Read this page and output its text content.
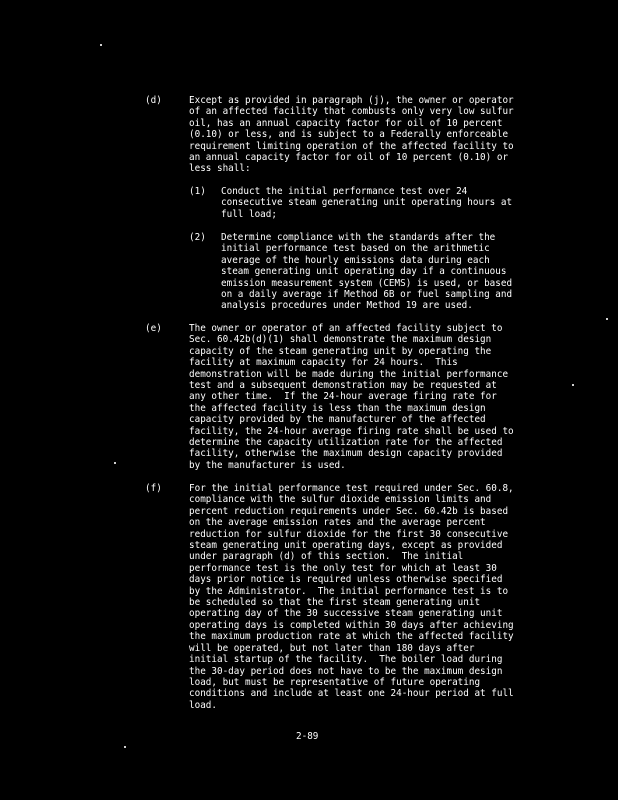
(d)	Except as provided in paragraph (j), the owner or operator
of an affected facility that combusts only very low sulfur
oil, has an annual capacity factor for oil of 10 percent
(0.10) or less, and is subject to a Federally enforceable
requirement limiting operation of the affected facility to
an annual capacity factor for oil of 10 percent (0.10) or
less shall:
(1) Conduct the initial performance test over 24
consecutive steam generating unit operating hours at
full load;
(2) Determine compliance with the standards after the
initial performance test based on the arithmetic
average of the hourly emissions data during each
steam generating unit operating day if a continuous
emission measurement system (CEMS) is used, or based
on a daily average if Method 6B or fuel sampling and
analysis procedures under Method 19 are used.
(e)	The owner or operator of an affected facility subject to
Sec. 60.42b(d)(1) shall demonstrate the maximum design
capacity of the steam generating unit by operating the
facility at maximum capacity for 24 hours.  This
demonstration will be made during the initial performance
test and a subsequent demonstration may be requested at
any other time.  If the 24-hour average firing rate for
the affected facility is less than the maximum design
capacity provided by the manufacturer of the affected
facility, the 24-hour average firing rate shall be used to
determine the capacity utilization rate for the affected
facility, otherwise the maximum design capacity provided
by the manufacturer is used.
(f)	For the initial performance test required under Sec. 60.8,
compliance with the sulfur dioxide emission limits and
percent reduction requirements under Sec. 60.42b is based
on the average emission rates and the average percent
reduction for sulfur dioxide for the first 30 consecutive
steam generating unit operating days, except as provided
under paragraph (d) of this section.  The initial
performance test is the only test for which at least 30
days prior notice is required unless otherwise specified
by the Administrator.  The initial performance test is to
be scheduled so that the first steam generating unit
operating day of the 30 successive steam generating unit
operating days is completed within 30 days after achieving
the maximum production rate at which the affected facility
will be operated, but not later than 180 days after
initial startup of the facility.  The boiler load during
the 30-day period does not have to be the maximum design
load, but must be representative of future operating
conditions and include at least one 24-hour period at full
load.
2-89
